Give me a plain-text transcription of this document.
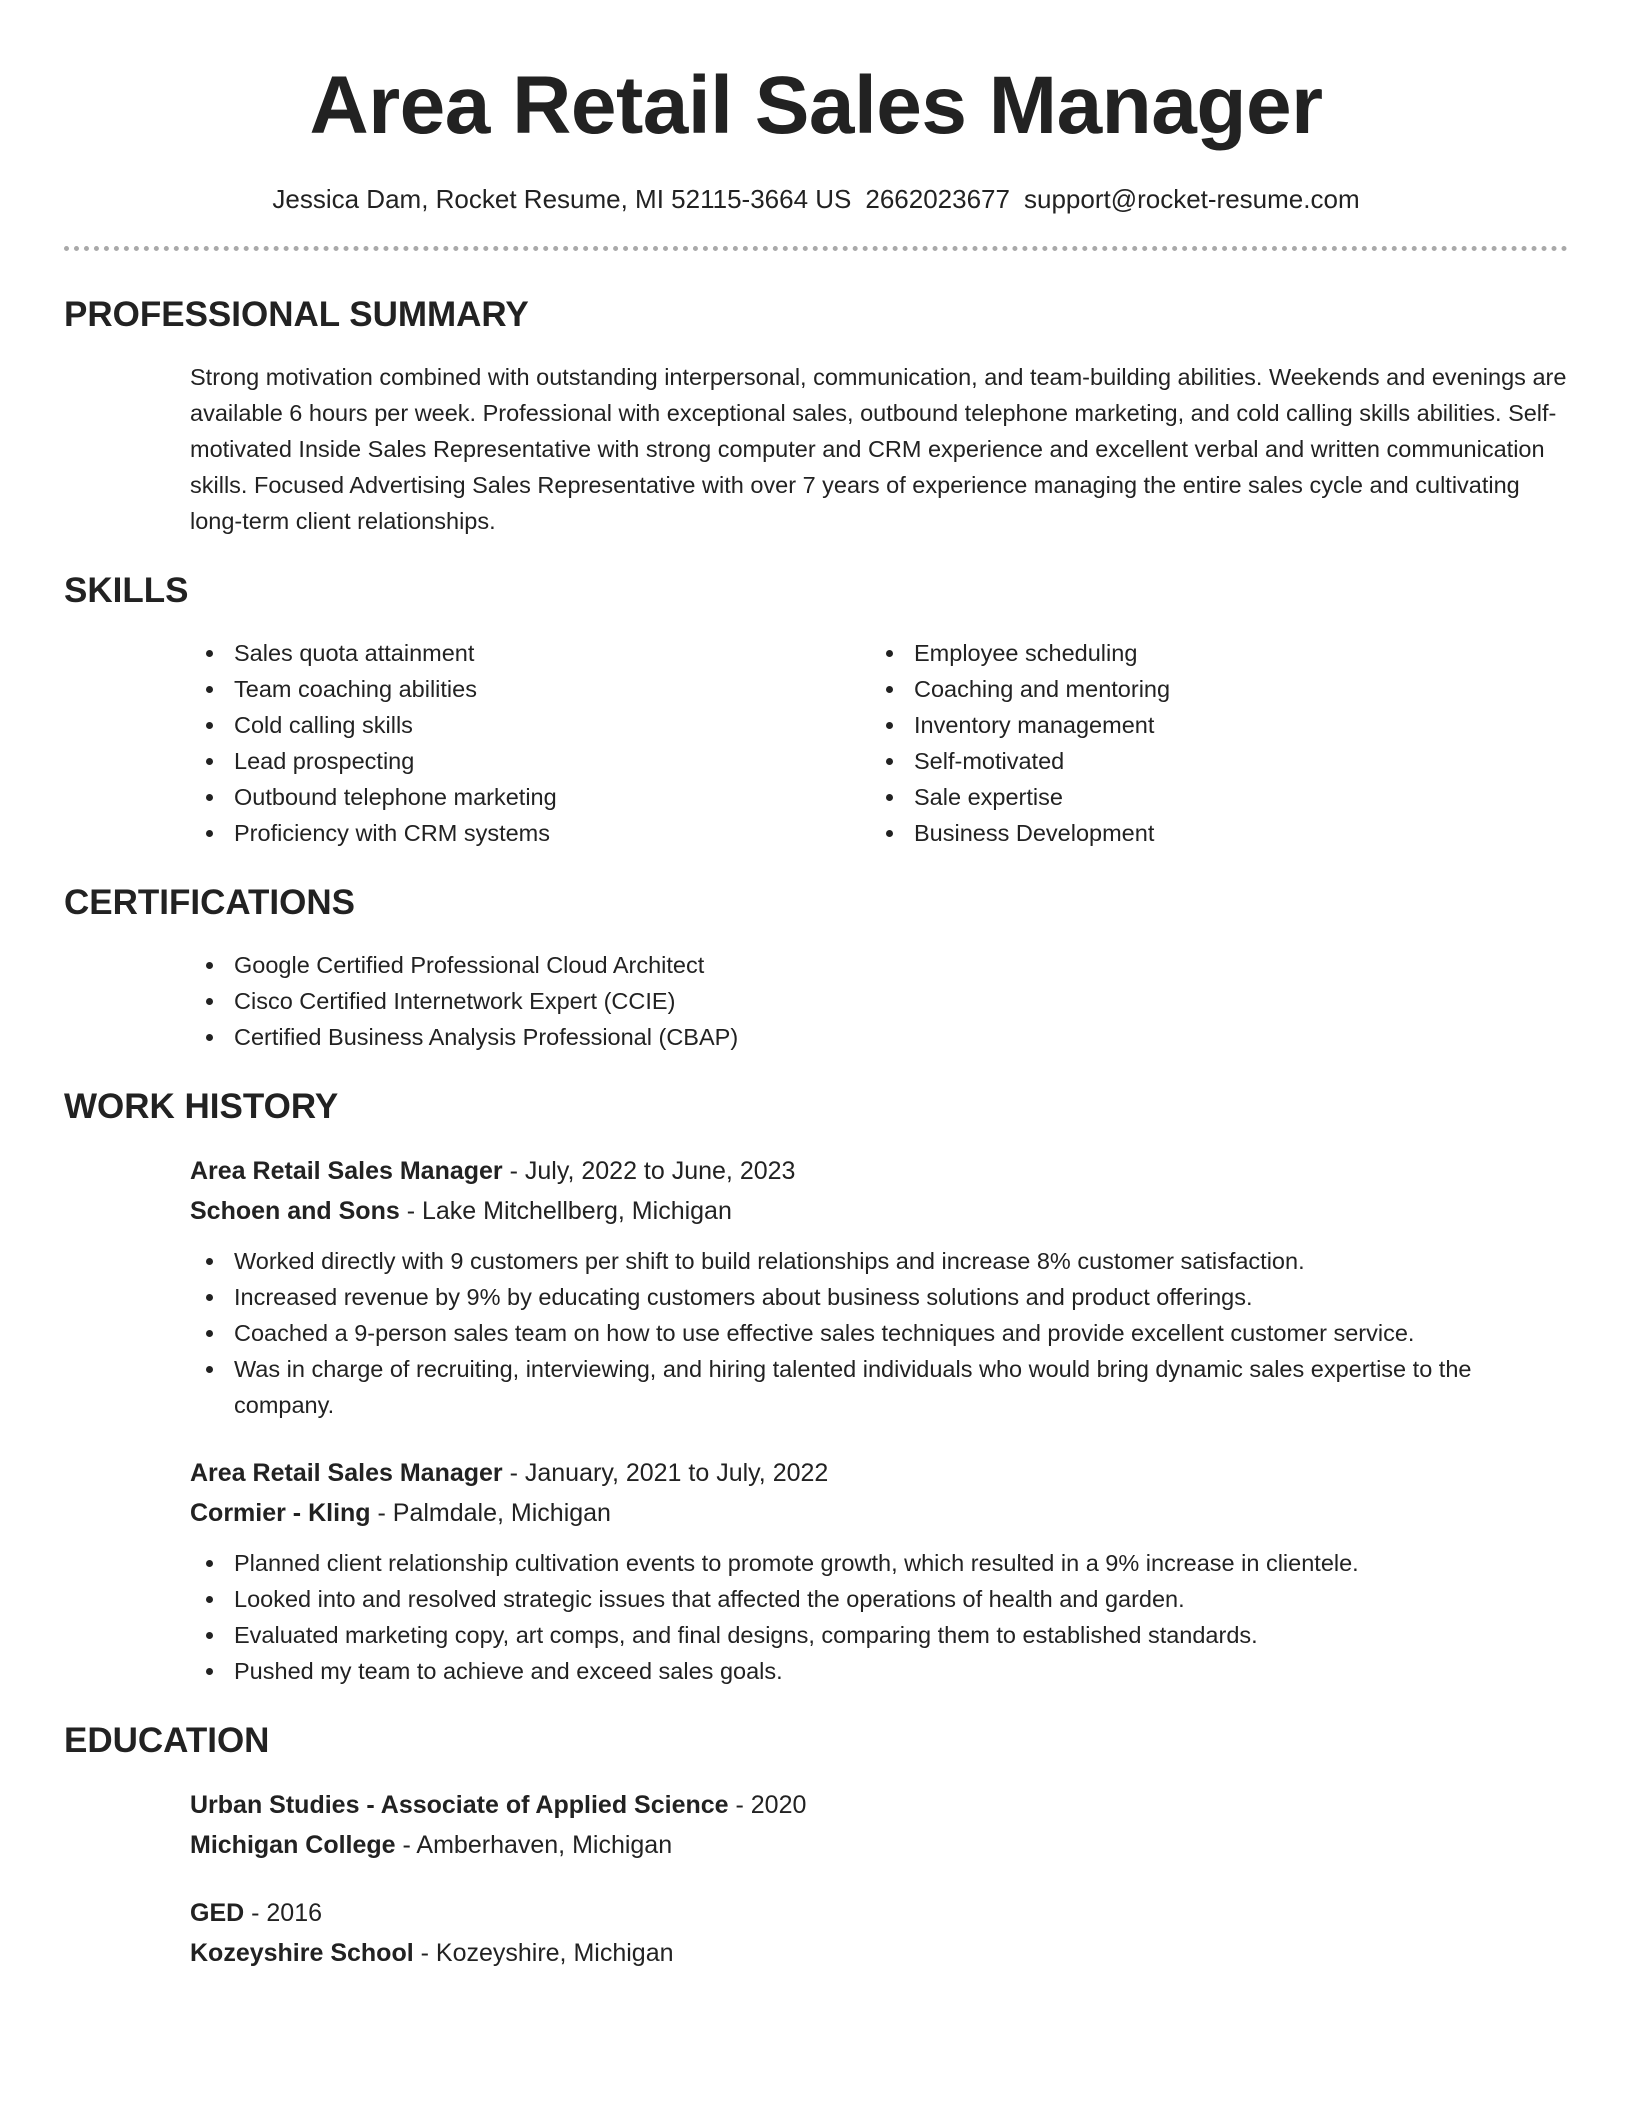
Area Retail Sales Manager
Jessica Dam, Rocket Resume, MI 52115-3664 US 2662023677 support@rocket-resume.com
PROFESSIONAL SUMMARY

Strong motivation combined with outstanding interpersonal, communication, and team-building abilities. Weekends and evenings are available 6 hours per week. Professional with exceptional sales, outbound telephone marketing, and cold calling skills abilities. Self-motivated Inside Sales Representative with strong computer and CRM experience and excellent verbal and written communication skills. Focused Advertising Sales Representative with over 7 years of experience managing the entire sales cycle and cultivating long-term client relationships.

SKILLS
Sales quota attainment
Team coaching abilities
Cold calling skills
Lead prospecting
Outbound telephone marketing
Proficiency with CRM systems
Employee scheduling
Coaching and mentoring
Inventory management
Self-motivated
Sale expertise
Business Development
CERTIFICATIONS
Google Certified Professional Cloud Architect
Cisco Certified Internetwork Expert (CCIE)
Certified Business Analysis Professional (CBAP)
WORK HISTORY
Area Retail Sales Manager - July, 2022 to June, 2023
Schoen and Sons - Lake Mitchellberg, Michigan
Worked directly with 9 customers per shift to build relationships and increase 8% customer satisfaction.
Increased revenue by 9% by educating customers about business solutions and product offerings.
Coached a 9-person sales team on how to use effective sales techniques and provide excellent customer service.
Was in charge of recruiting, interviewing, and hiring talented individuals who would bring dynamic sales expertise to the company.
Area Retail Sales Manager - January, 2021 to July, 2022
Cormier - Kling - Palmdale, Michigan
Planned client relationship cultivation events to promote growth, which resulted in a 9% increase in clientele.
Looked into and resolved strategic issues that affected the operations of health and garden.
Evaluated marketing copy, art comps, and final designs, comparing them to established standards.
Pushed my team to achieve and exceed sales goals.
EDUCATION
Urban Studies - Associate of Applied Science - 2020
Michigan College - Amberhaven, Michigan
GED - 2016
Kozeyshire School - Kozeyshire, Michigan
